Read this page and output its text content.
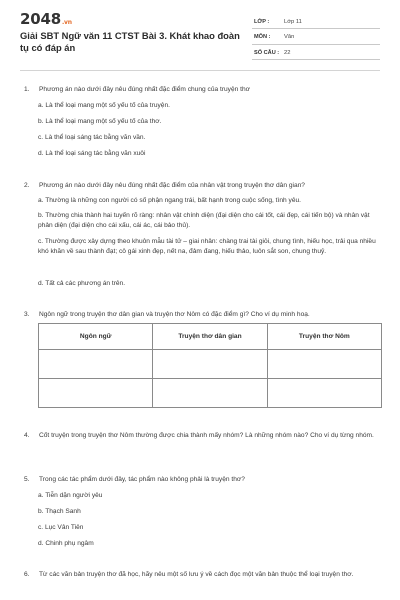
2048.vn
Giải SBT Ngữ văn 11 CTST Bài 3. Khát khao đoàn tụ có đáp án
LỚP :	Lớp 11
MÔN :	Văn
SỐ CÂU : 22
1.	Phương án nào dưới đây nêu đúng nhất đặc điểm chung của truyện thơ
a. Là thể loại mang một số yếu tố của truyện.
b. Là thể loại mang một số yếu tố của thơ.
c. Là thể loại sáng tác bằng văn vần.
d. Là thể loại sáng tác bằng văn xuôi
2.	Phương án nào dưới đây nêu đúng nhất đặc điểm của nhân vật trong truyện thơ dân gian?
a. Thường là những con người có số phận ngang trái, bất hạnh trong cuộc sống, tình yêu.
b. Thường chia thành hai tuyến rõ ràng: nhân vật chính diện (đại diện cho cái tốt, cái đẹp, cái tiến bộ) và nhân vật phản diện (đại diện cho cái xấu, cái ác, cái bảo thủ).
c. Thường được xây dựng theo khuôn mẫu tài tử – giai nhân: chàng trai tài giỏi, chung tình, hiếu học, trải qua nhiều khó khăn về sau thành đạt; cô gái xinh đẹp, nết na, đảm đang, hiếu thảo, luôn sắt son, chung thuỷ.
d. Tất cả các phương án trên.
3.	Ngôn ngữ trong truyện thơ dân gian và truyện thơ Nôm có đặc điểm gì? Cho ví dụ minh hoạ.
Ngôn ngữ	Truyện thơ dân gian	Truyện thơ Nôm

4.	Cốt truyện trong truyện thơ Nôm thường được chia thành mấy nhóm? Là những nhóm nào? Cho ví dụ từng nhóm.
5.	Trong các tác phẩm dưới đây, tác phẩm nào không phải là truyện thơ?
a. Tiễn dặn người yêu
b. Thạch Sanh
c. Lục Vân Tiên
d. Chinh phụ ngâm
6.	Từ các văn bản truyện thơ đã học, hãy nêu một số lưu ý về cách đọc một văn bản thuộc thể loại truyện thơ.
